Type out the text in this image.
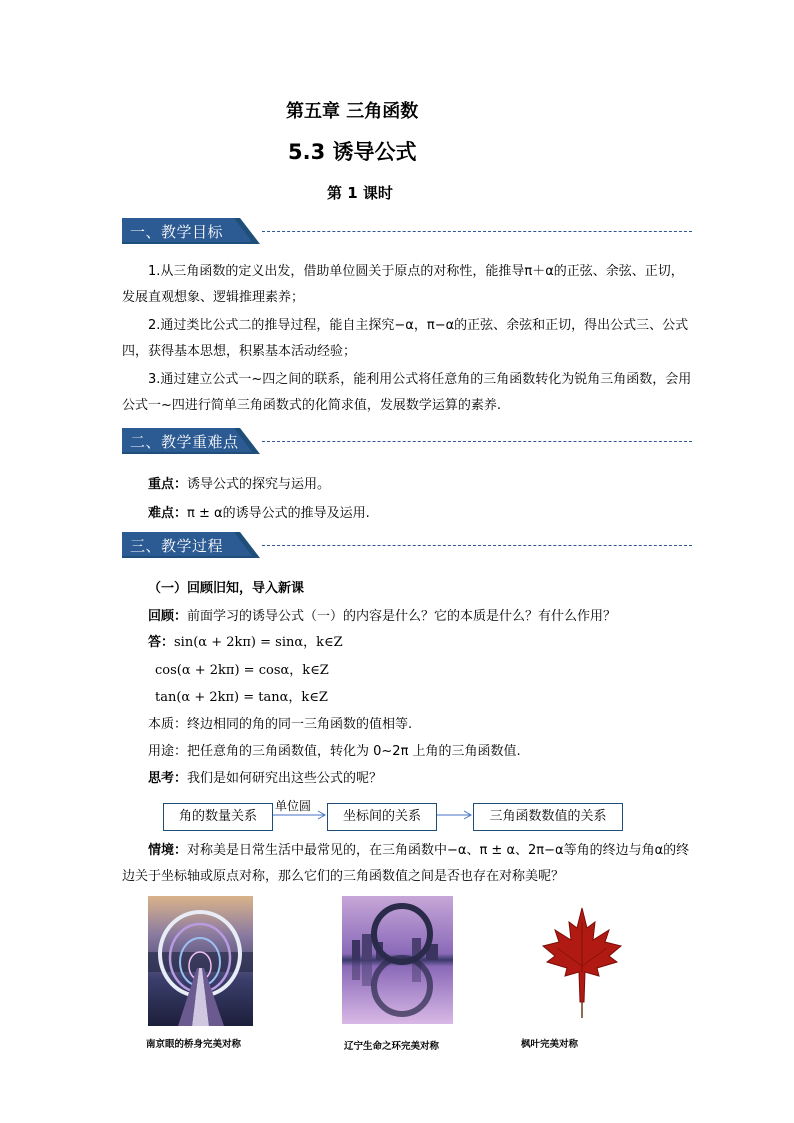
第五章 三角函数
5.3 诱导公式
第 1 课时
一、教学目标
1.从三角函数的定义出发，借助单位圆关于原点的对称性，能推导π＋α的正弦、余弦、正切，发展直观想象、逻辑推理素养；
2.通过类比公式二的推导过程，能自主探究−α，π−α的正弦、余弦和正切，得出公式三、公式四，获得基本思想，积累基本活动经验；
3.通过建立公式一~四之间的联系，能利用公式将任意角的三角函数转化为锐角三角函数，会用公式一~四进行简单三角函数式的化简求值，发展数学运算的素养.
二、教学重难点
重点：诱导公式的探究与运用。
难点：π ± α的诱导公式的推导及运用.
三、教学过程
（一）回顾旧知，导入新课
回顾：前面学习的诱导公式（一）的内容是什么？它的本质是什么？有什么作用？
答：sin(α + 2kπ) = sinα，k∈Z
cos(α + 2kπ) = cosα，k∈Z
tan(α + 2kπ) = tanα，k∈Z
本质：终边相同的角的同一三角函数的值相等.
用途：把任意角的三角函数值，转化为 0~2π 上角的三角函数值.
思考：我们是如何研究出这些公式的呢？
角的数量关系
单位圆
坐标间的关系	三角函数数值的关系
情境：对称美是日常生活中最常见的，在三角函数中−α、π ± α、2π−α等角的终边与角α的终边关于坐标轴或原点对称，那么它们的三角函数值之间是否也存在对称美呢？
南京眼的桥身完美对称	辽宁生命之环完美对称	枫叶完美对称
